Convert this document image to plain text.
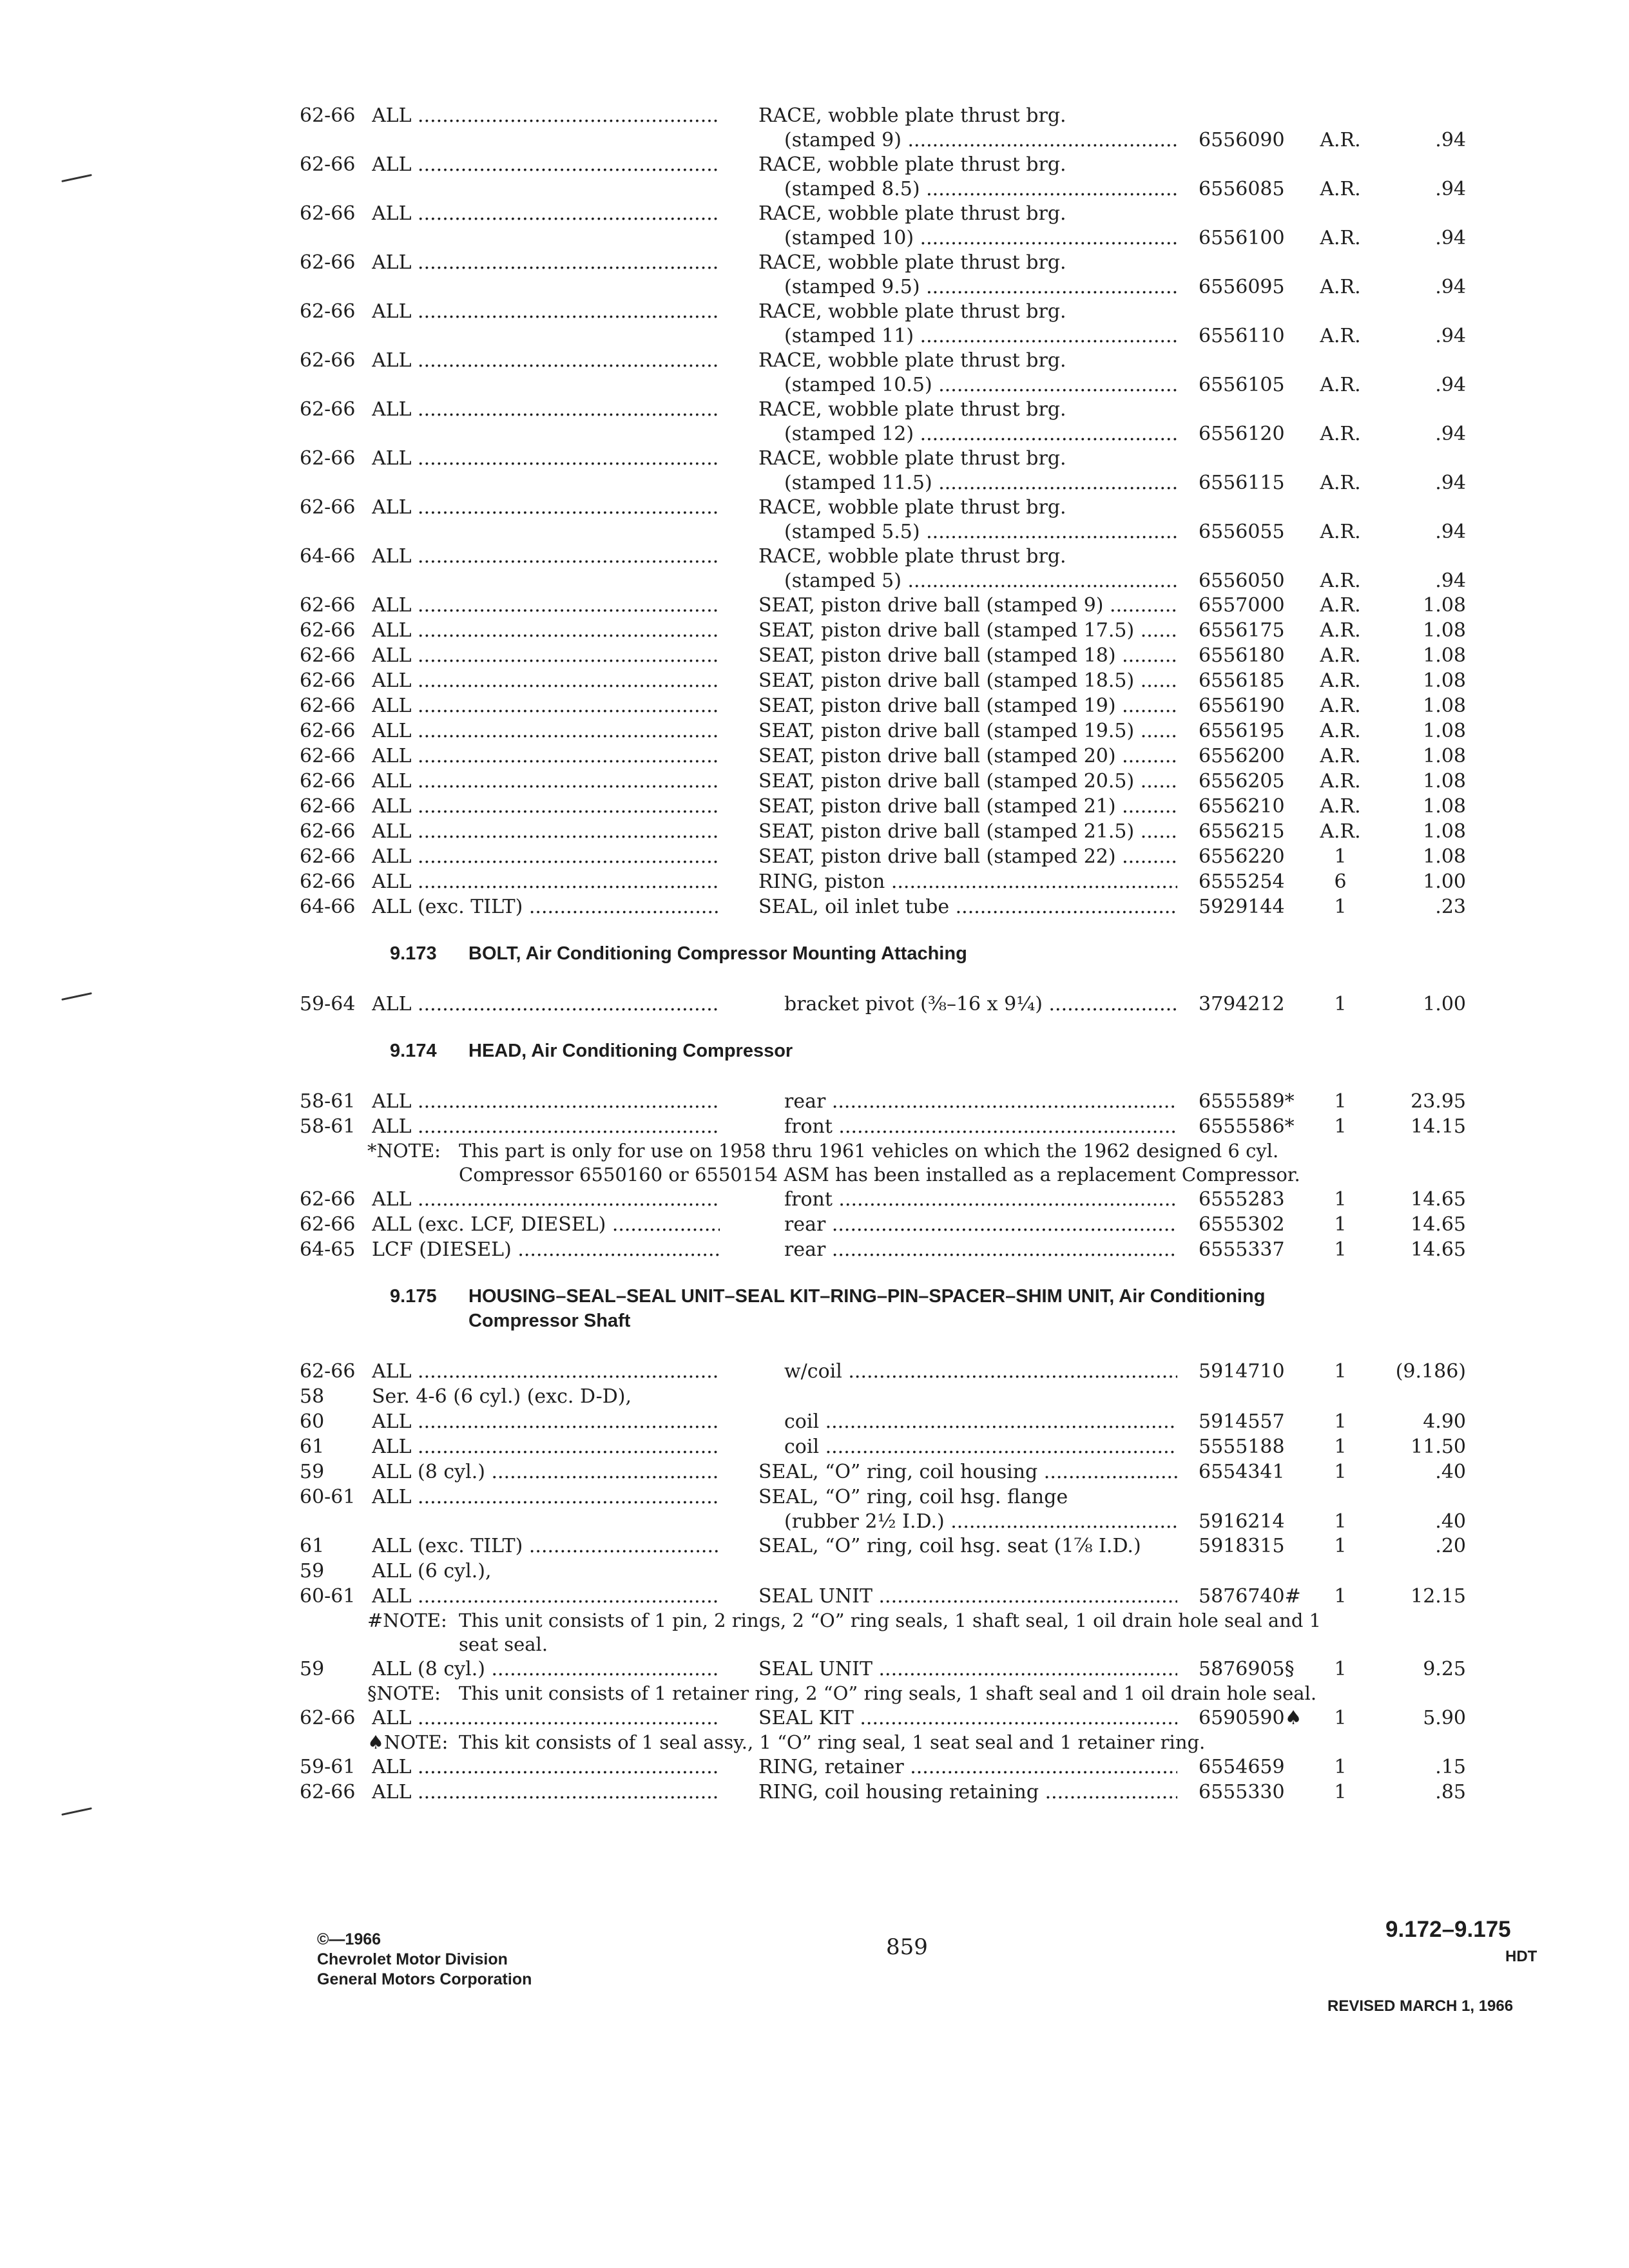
62-66 ALL .....	RACE, wobble plate thrust brg.
(stamped 9) .....	6556090	A.R.	.94
62-66 ALL .....	RACE, wobble plate thrust brg.
(stamped 8.5) .....	6556085	A.R.	.94
62-66 ALL .....	RACE, wobble plate thrust brg.
(stamped 10) .....	6556100	A.R.	.94
62-66 ALL .....	RACE, wobble plate thrust brg.
(stamped 9.5) .....	6556095	A.R.	.94
62-66 ALL .....	RACE, wobble plate thrust brg.
(stamped 11) .....	6556110	A.R.	.94
62-66 ALL .....	RACE, wobble plate thrust brg.
(stamped 10.5) .....	6556105	A.R.	.94
62-66 ALL .....	RACE, wobble plate thrust brg.
(stamped 12) .....	6556120	A.R.	.94
62-66 ALL .....	RACE, wobble plate thrust brg.
(stamped 11.5) .....	6556115	A.R.	.94
62-66 ALL .....	RACE, wobble plate thrust brg.
(stamped 5.5) .....	6556055	A.R.	.94
64-66 ALL .....	RACE, wobble plate thrust brg.
(stamped 5) .....	6556050	A.R.	.94
62-66 ALL .....	SEAT, piston drive ball (stamped 9) .....	6557000	A.R.	1.08
62-66 ALL .....	SEAT, piston drive ball (stamped 17.5) .....	6556175	A.R.	1.08
62-66 ALL .....	SEAT, piston drive ball (stamped 18) .....	6556180	A.R.	1.08
62-66 ALL .....	SEAT, piston drive ball (stamped 18.5) .....	6556185	A.R.	1.08
62-66 ALL .....	SEAT, piston drive ball (stamped 19) .....	6556190	A.R.	1.08
62-66 ALL .....	SEAT, piston drive ball (stamped 19.5) .....	6556195	A.R.	1.08
62-66 ALL .....	SEAT, piston drive ball (stamped 20) .....	6556200	A.R.	1.08
62-66 ALL .....	SEAT, piston drive ball (stamped 20.5) .....	6556205	A.R.	1.08
62-66 ALL .....	SEAT, piston drive ball (stamped 21) .....	6556210	A.R.	1.08
62-66 ALL .....	SEAT, piston drive ball (stamped 21.5) .....	6556215	A.R.	1.08
62-66 ALL .....	SEAT, piston drive ball (stamped 22) .....	6556220	1	1.08
62-66 ALL .....	RING, piston .....	6555254	6	1.00
64-66 ALL (exc. TILT) .....	SEAL, oil inlet tube .....	5929144	1	.23
9.173 BOLT, Air Conditioning Compressor Mounting Attaching
59-64 ALL .....	bracket pivot (⅜–16 x 9¼) .....	3794212	1	1.00
9.174 HEAD, Air Conditioning Compressor
58-61 ALL .....	rear .....	6555589*	1	23.95
58-61 ALL .....	front .....	6555586*	1	14.15
*NOTE: This part is only for use on 1958 thru 1961 vehicles on which the 1962 designed 6 cyl. Compressor 6550160 or 6550154 ASM has been installed as a replacement Compressor.
62-66 ALL .....	front .....	6555283	1	14.65
62-66 ALL (exc. LCF, DIESEL) .....	rear .....	6555302	1	14.65
64-65 LCF (DIESEL) .....	rear .....	6555337	1	14.65
9.175 HOUSING–SEAL–SEAL UNIT–SEAL KIT–RING–PIN–SPACER–SHIM UNIT, Air Conditioning Compressor Shaft
62-66 ALL .....	w/coil .....	5914710	1	(9.186)
58	Ser. 4-6 (6 cyl.) (exc. D-D),
60	ALL .....	coil .....	5914557	1	4.90
61	ALL .....	coil .....	5555188	1	11.50
59	ALL (8 cyl.) .....	SEAL, “O” ring, coil housing .....	6554341	1	.40
60-61 ALL .....	SEAL, “O” ring, coil hsg. flange
(rubber 2½ I.D.) .....	5916214	1	.40
61	ALL (exc. TILT) .....	SEAL, “O” ring, coil hsg. seat (1⅞ I.D.)	5918315	1	.20
59	ALL (6 cyl.),
60-61 ALL .....	SEAL UNIT .....	5876740#	1	12.15
#NOTE: This unit consists of 1 pin, 2 rings, 2 “O” ring seals, 1 shaft seal, 1 oil drain hole seal and 1 seat seal.
59	ALL (8 cyl.) .....	SEAL UNIT .....	5876905§	1	9.25
§NOTE: This unit consists of 1 retainer ring, 2 “O” ring seals, 1 shaft seal and 1 oil drain hole seal.
62-66 ALL .....	SEAL KIT .....	6590590♠	1	5.90
♠NOTE: This kit consists of 1 seal assy., 1 “O” ring seal, 1 seat seal and 1 retainer ring.
59-61 ALL .....	RING, retainer .....	6554659	1	.15
62-66 ALL .....	RING, coil housing retaining .....	6555330	1	.85
©—1966
Chevrolet Motor Division
General Motors Corporation
859
9.172–9.175
HDT
REVISED MARCH 1, 1966
